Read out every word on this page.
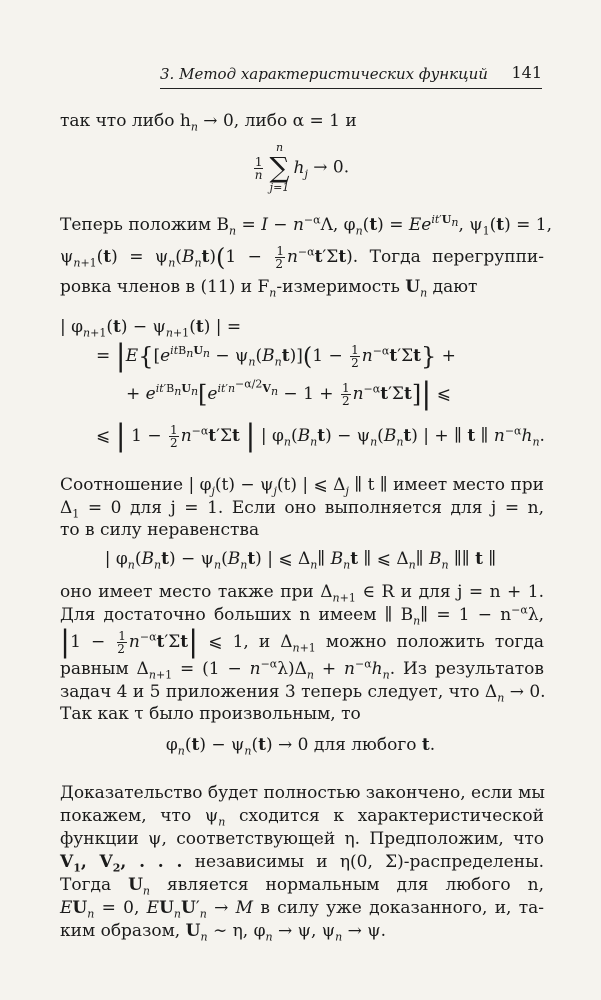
3. Метод характеристических функций 141
так что либо $h_n \to 0$, либо α = 1 и
$\frac{1}{n}$
n
∑
j=1
$h_j \to 0$.
Теперь положим $B_n = I - n^{-\alpha}\Lambda$, $\varphi_n(t) = Ee^{it'U_n}$, $\psi_1(t) = 1$,
$\psi_{n+1}(t) = \psi_n(B_nt)(1 - \frac{1}{2} n^{-\alpha}t'\Sigma t)$. Тогда перегруппи-
ровка членов в (11) и $F_n$-измеримость $U_n$ дают
| $\varphi_{n+1}(t) - \psi_{n+1}(t)$ | =
= $|E\{[e^{itB_nU_n} - \psi_n(B_nt)](1 - \frac{1}{2} n^{-\alpha}t'\Sigma t\}$ +
+ $e^{it'B_nU_n}[e^{it'n^{-\alpha/2}V_n} - 1 + \frac{1}{2} n^{-\alpha}t'\Sigma t]|$ ⩽
⩽ | $1 - \frac{1}{2} n^{-\alpha}t'\Sigma t$ | | $\varphi_n(B_nt) - \psi_n(B_nt)$ | + ∥ t ∥ $n^{-\alpha}h_n$.
Соотношение | $\varphi_j(t) - \psi_j(t)$ | ⩽ $\Delta_j$ ∥ t ∥ имеет место при
$\Delta_1 = 0$ для j = 1. Если оно выполняется для j = n,
то в силу неравенства
| $\varphi_n(B_nt) - \psi_n(B_nt)$ | ⩽ $\Delta_n\parallel$ $B_nt$ ∥ ⩽ $\Delta_n\parallel$ $B_n$ ∥∥ t ∥
оно имеет место также при $\Delta_{n+1}$ ∈ R и для j = n + 1.
Для достаточно больших n имеем ∥ $B_n\parallel = 1 - n^{-\alpha}\lambda$,
$|1 - \frac{1}{2} n^{-\alpha}t'\Sigma t|$ ⩽ 1, и $\Delta_{n+1}$ можно положить тогда
равным $\Delta_{n+1} = (1 - n^{-\alpha}\lambda)\Delta_n + n^{-\alpha}h_n$. Из результатов
задач 4 и 5 приложения 3 теперь следует, что $\Delta_n \to 0$.
Так как τ было произвольным, то
$\varphi_n(t) - \psi_n(t) \to 0$ для любого t.
Доказательство будет полностью закончено, если мы
покажем, что $\psi_n$ сходится к характеристической
функции ψ, соответствующей η. Предположим, что
$V_1$, $V_2$, . . . независимы и η(0, Σ)-распределены.
Тогда $U_n$ является нормальным для любого n,
$EU_n = 0$, $EU_nU'_n \to M$ в силу уже доказанного, и, та-
ким образом, $U_n$ ∼ η, $\varphi_n \to \psi$, $\psi_n \to \psi$.
